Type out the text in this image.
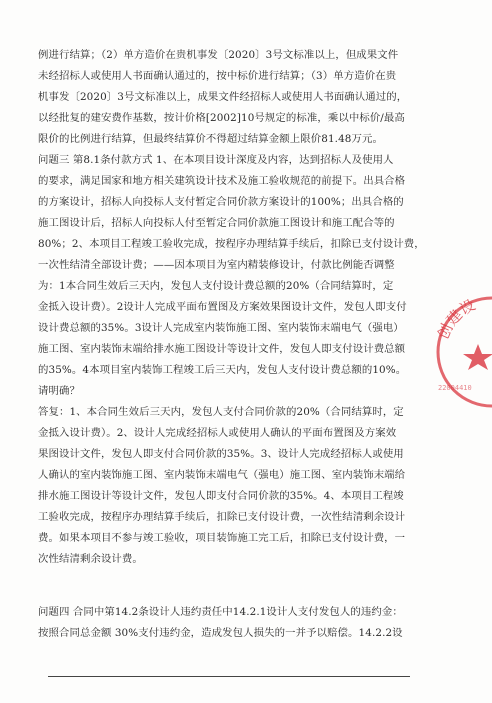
例进行结算；（2）单方造价在贵机事发〔2020〕3号文标准以上，但成果文件
未经招标人或使用人书面确认通过的，按中标价进行结算；（3）单方造价在贵
机事发〔2020〕3号文标准以上，成果文件经招标人或使用人书面确认通过的，
以经批复的建安费作基数，按计价格[2002]10号规定的标准，乘以中标价/最高
限价的比例进行结算，但最终结算价不得超过结算金额上限价81.48万元。
问题三 第8.1条付款方式 1、在本项目设计深度及内容，达到招标人及使用人
的要求，满足国家和地方相关建筑设计技术及施工验收规范的前提下。出具合格
的方案设计，招标人向投标人支付暂定合同价款方案设计的100%；出具合格的
施工图设计后，招标人向投标人付至暂定合同价款施工图设计和施工配合等的
80%；2、本项目工程竣工验收完成，按程序办理结算手续后，扣除已支付设计费，
一次性结清全部设计费；——因本项目为室内精装修设计，付款比例能否调整
为：1本合同生效后三天内，发包人支付设计费总额的20%（合同结算时，定
金抵入设计费）。2设计人完成平面布置图及方案效果图设计文件，发包人即支付
设计费总额的35%。3设计人完成室内装饰施工图、室内装饰末端电气（强电）
施工图、室内装饰末端给排水施工图设计等设计文件，发包人即支付设计费总额
的35%。4本项目室内装饰工程竣工后三天内，发包人支付设计费总额的10%。
请明确？
答复：1、本合同生效后三天内，发包人支付合同价款的20%（合同结算时，定
金抵入设计费）。2、设计人完成经招标人或使用人确认的平面布置图及方案效
果图设计文件，发包人即支付合同价款的35%。3、设计人完成经招标人或使用
人确认的室内装饰施工图、室内装饰末端电气（强电）施工图、室内装饰末端给
排水施工图设计等设计文件，发包人即支付合同价款的35%。4、本项目工程竣
工验收完成，按程序办理结算手续后，扣除已支付设计费，一次性结清剩余设计
费。如果本项目不参与竣工验收，项目装饰施工完工后，扣除已支付设计费，一
次性结清剩余设计费。
问题四 合同中第14.2条设计人违约责任中14.2.1设计人支付发包人的违约金：
按照合同总金额 30%支付违约金，造成发包人损失的一并予以赔偿。14.2.2设
创建设
22004410
